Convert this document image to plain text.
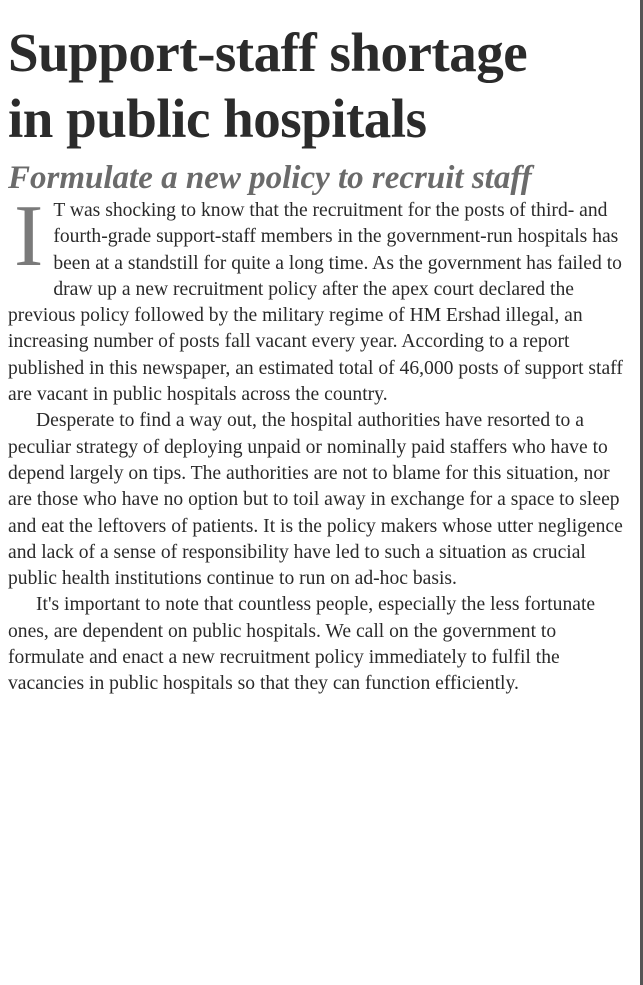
Support-staff shortage
in public hospitals
Formulate a new policy to recruit staff

I T was shocking to know that the recruitment for the posts of third- and fourth-grade support-staff members in the government-run hospitals has been at a standstill for quite a long time. As the government has failed to draw up a new recruitment policy after the apex court declared the previous policy followed by the military regime of HM Ershad illegal, an increasing number of posts fall vacant every year. According to a report published in this newspaper, an estimated total of 46,000 posts of support staff are vacant in public hospitals across the country.

Desperate to find a way out, the hospital authorities have resorted to a peculiar strategy of deploying unpaid or nominally paid staffers who have to depend largely on tips. The authorities are not to blame for this situation, nor are those who have no option but to toil away in exchange for a space to sleep and eat the leftovers of patients. It is the policy makers whose utter negligence and lack of a sense of responsibility have led to such a situation as crucial public health institutions continue to run on ad-hoc basis.

It's important to note that countless people, especially the less fortunate ones, are dependent on public hospitals. We call on the government to formulate and enact a new recruitment policy immediately to fulfil the vacancies in public hospitals so that they can function efficiently.
